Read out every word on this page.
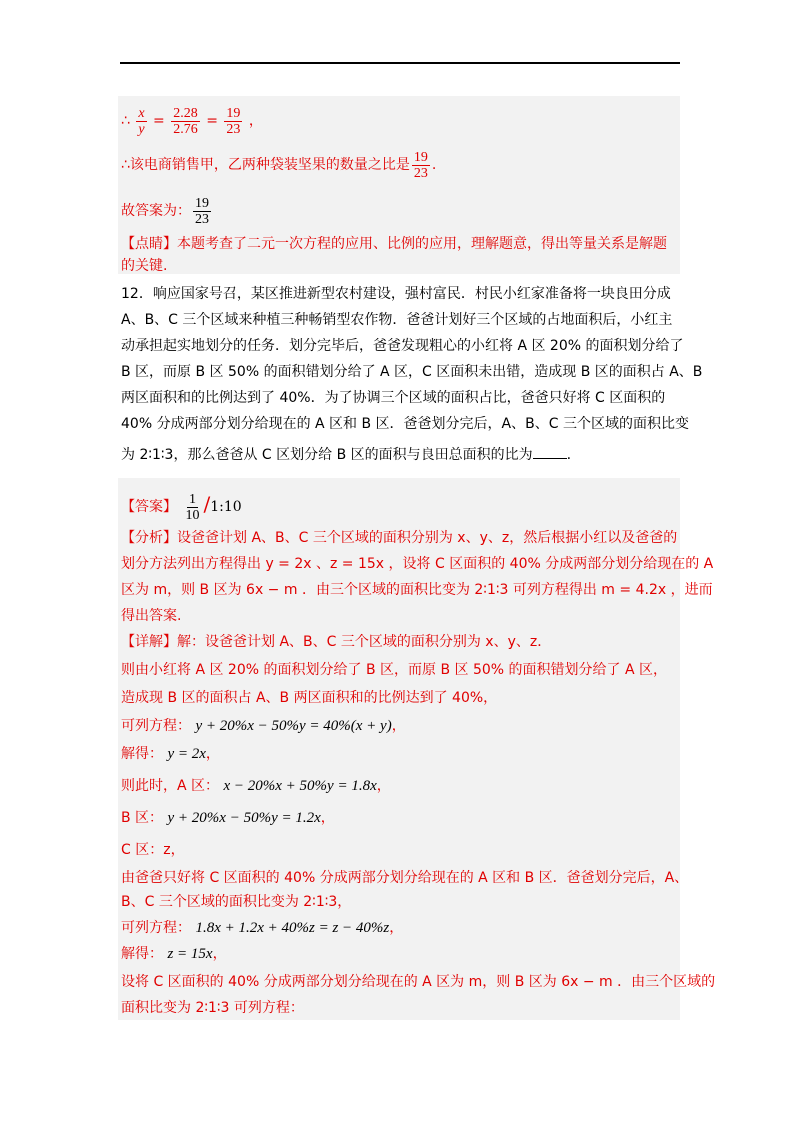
∴ $\frac{x}{y} = \frac{2.28}{2.76} = \frac{19}{23}$ ，
∴该电商销售甲，乙两种袋装坚果的数量之比是 $\frac{19}{23}$ .
故答案为： $\frac{19}{23}$
【点睛】本题考查了二元一次方程的应用、比例的应用，理解题意，得出等量关系是解题
的关键.
12．响应国家号召，某区推进新型农村建设，强村富民．村民小红家准备将一块良田分成
A、B、C 三个区域来种植三种畅销型农作物．爸爸计划好三个区域的占地面积后，小红主
动承担起实地划分的任务．划分完毕后，爸爸发现粗心的小红将 A 区 20% 的面积划分给了
B 区，而原 B 区 50% 的面积错划分给了 A 区，C 区面积未出错，造成现 B 区的面积占 A、B
两区面积和的比例达到了 40%．为了协调三个区域的面积占比，爸爸只好将 C 区面积的
40% 分成两部分划分给现在的 A 区和 B 区．爸爸划分完后，A、B、C 三个区域的面积比变
为 2∶1∶3，那么爸爸从 C 区划分给 B 区的面积与良田总面积的比为 .
【答案】 $\frac{1}{10}$ /1:10
【分析】设爸爸计划 A、B、C 三个区域的面积分别为 x、y、z，然后根据小红以及爸爸的
划分方法列出方程得出 y = 2x 、z = 15x ，设将 C 区面积的 40% 分成两部分划分给现在的 A
区为 m，则 B 区为 6x − m ．由三个区域的面积比变为 2∶1∶3 可列方程得出 m = 4.2x ，进而
得出答案.
【详解】解：设爸爸计划 A、B、C 三个区域的面积分别为 x、y、z．
则由小红将 A 区 20% 的面积划分给了 B 区，而原 B 区 50% 的面积错划分给了 A 区，
造成现 B 区的面积占 A、B 两区面积和的比例达到了 40%，
可列方程： y + 20%x − 50%y = 40%(x + y)，
解得： y = 2x，
则此时，A 区： x − 20%x + 50%y = 1.8x，
B 区： y + 20%x − 50%y = 1.2x，
C 区：z，
由爸爸只好将 C 区面积的 40% 分成两部分划分给现在的 A 区和 B 区．爸爸划分完后，A、
B、C 三个区域的面积比变为 2∶1∶3，
可列方程： 1.8x + 1.2x + 40%z = z − 40%z，
解得： z = 15x，
设将 C 区面积的 40% 分成两部分划分给现在的 A 区为 m，则 B 区为 6x − m ．由三个区域的
面积比变为 2∶1∶3 可列方程：
